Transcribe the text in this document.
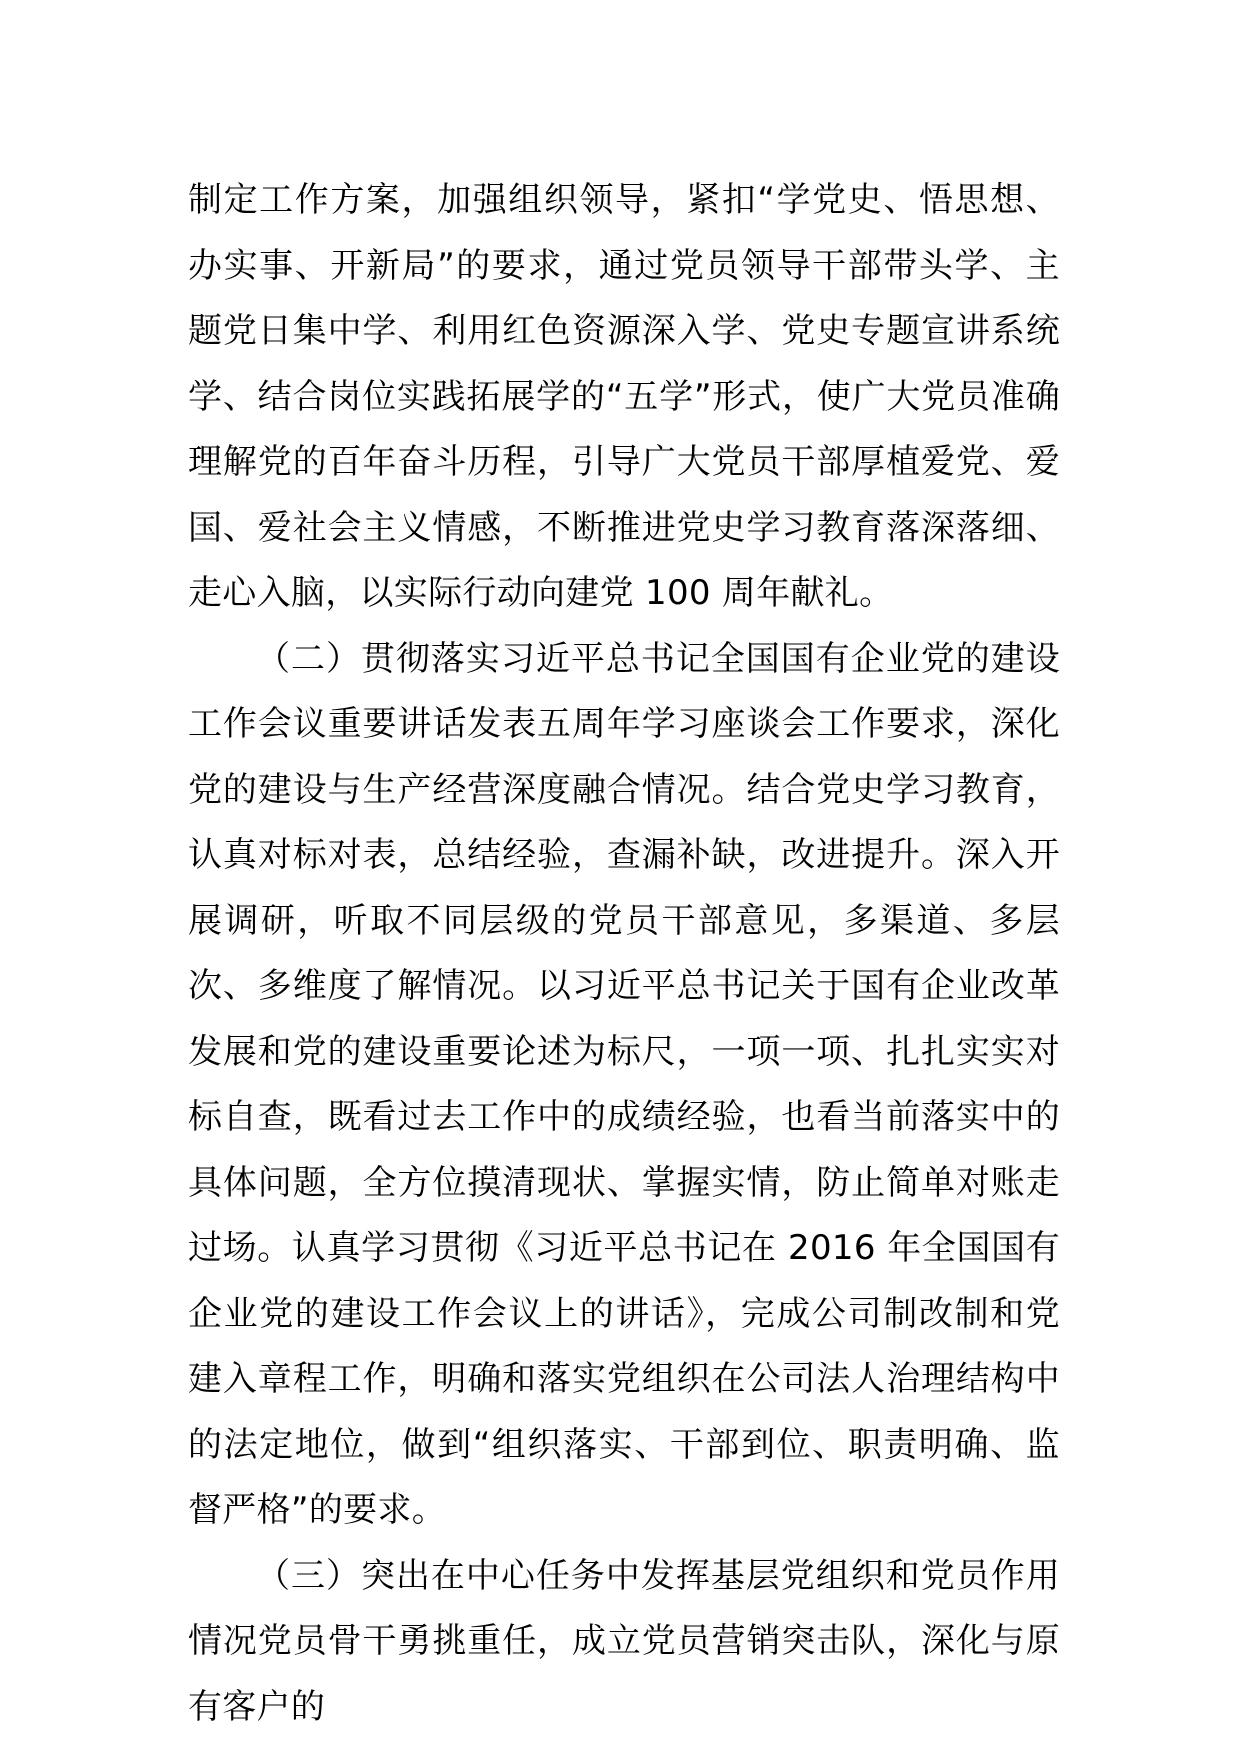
制定工作方案，加强组织领导，紧扣“学党史、悟思想、办实事、开新局”的要求，通过党员领导干部带头学、主题党日集中学、利用红色资源深入学、党史专题宣讲系统学、结合岗位实践拓展学的“五学”形式，使广大党员准确理解党的百年奋斗历程，引导广大党员干部厚植爱党、爱国、爱社会主义情感，不断推进党史学习教育落深落细、走心入脑，以实际行动向建党 100 周年献礼。

（二）贯彻落实习近平总书记全国国有企业党的建设工作会议重要讲话发表五周年学习座谈会工作要求，深化党的建设与生产经营深度融合情况。结合党史学习教育，认真对标对表，总结经验，查漏补缺，改进提升。深入开展调研，听取不同层级的党员干部意见，多渠道、多层次、多维度了解情况。以习近平总书记关于国有企业改革发展和党的建设重要论述为标尺，一项一项、扎扎实实对标自查，既看过去工作中的成绩经验，也看当前落实中的具体问题，全方位摸清现状、掌握实情，防止简单对账走过场。认真学习贯彻《习近平总书记在 2016 年全国国有企业党的建设工作会议上的讲话》，完成公司制改制和党建入章程工作，明确和落实党组织在公司法人治理结构中的法定地位，做到“组织落实、干部到位、职责明确、监督严格”的要求。

（三）突出在中心任务中发挥基层党组织和党员作用情况党员骨干勇挑重任，成立党员营销突击队，深化与原有客户的
